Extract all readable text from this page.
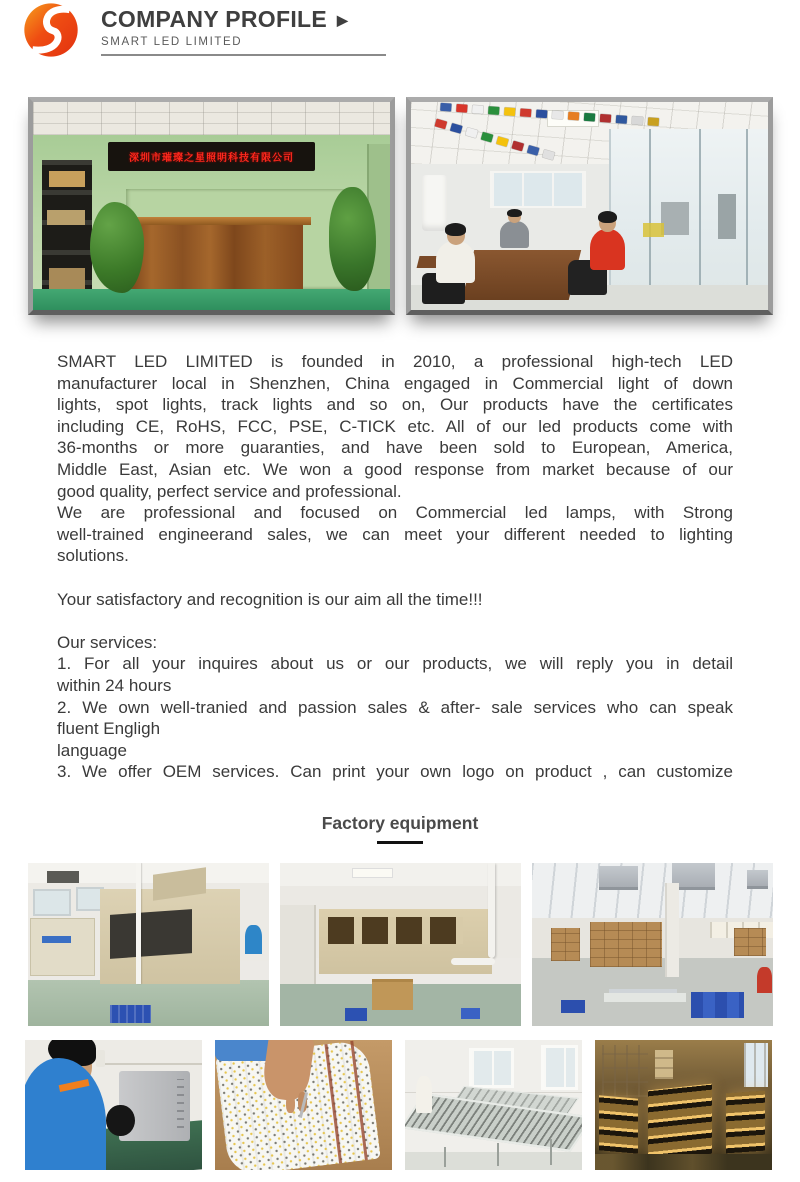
COMPANY PROFILE ▶
SMART LED LIMITED
深圳市璀璨之星照明科技有限公司
SMART LED LIMITED is founded in 2010, a professional high-tech LED
manufacturer local in Shenzhen, China engaged in Commercial light of down
lights, spot lights, track lights and so on, Our products have the certificates
including CE, RoHS, FCC, PSE, C-TICK etc. All of our led products come with
36-months or more guaranties, and have been sold to European, America,
Middle East, Asian etc. We won a good response from market because of our
good quality, perfect service and professional.
We are professional and focused on Commercial led lamps, with Strong
well-trained engineerand sales, we can meet your different needed to lighting
solutions.
Your satisfactory and recognition is our aim all the time!!!
Our services:
1. For all your inquires about us or our products, we will reply you in detail
within 24 hours
2. We own well-tranied and passion sales & after- sale services who can speak
fluent Engligh
language
3. We offer OEM services. Can print your own logo on product , can customize
Factory equipment
